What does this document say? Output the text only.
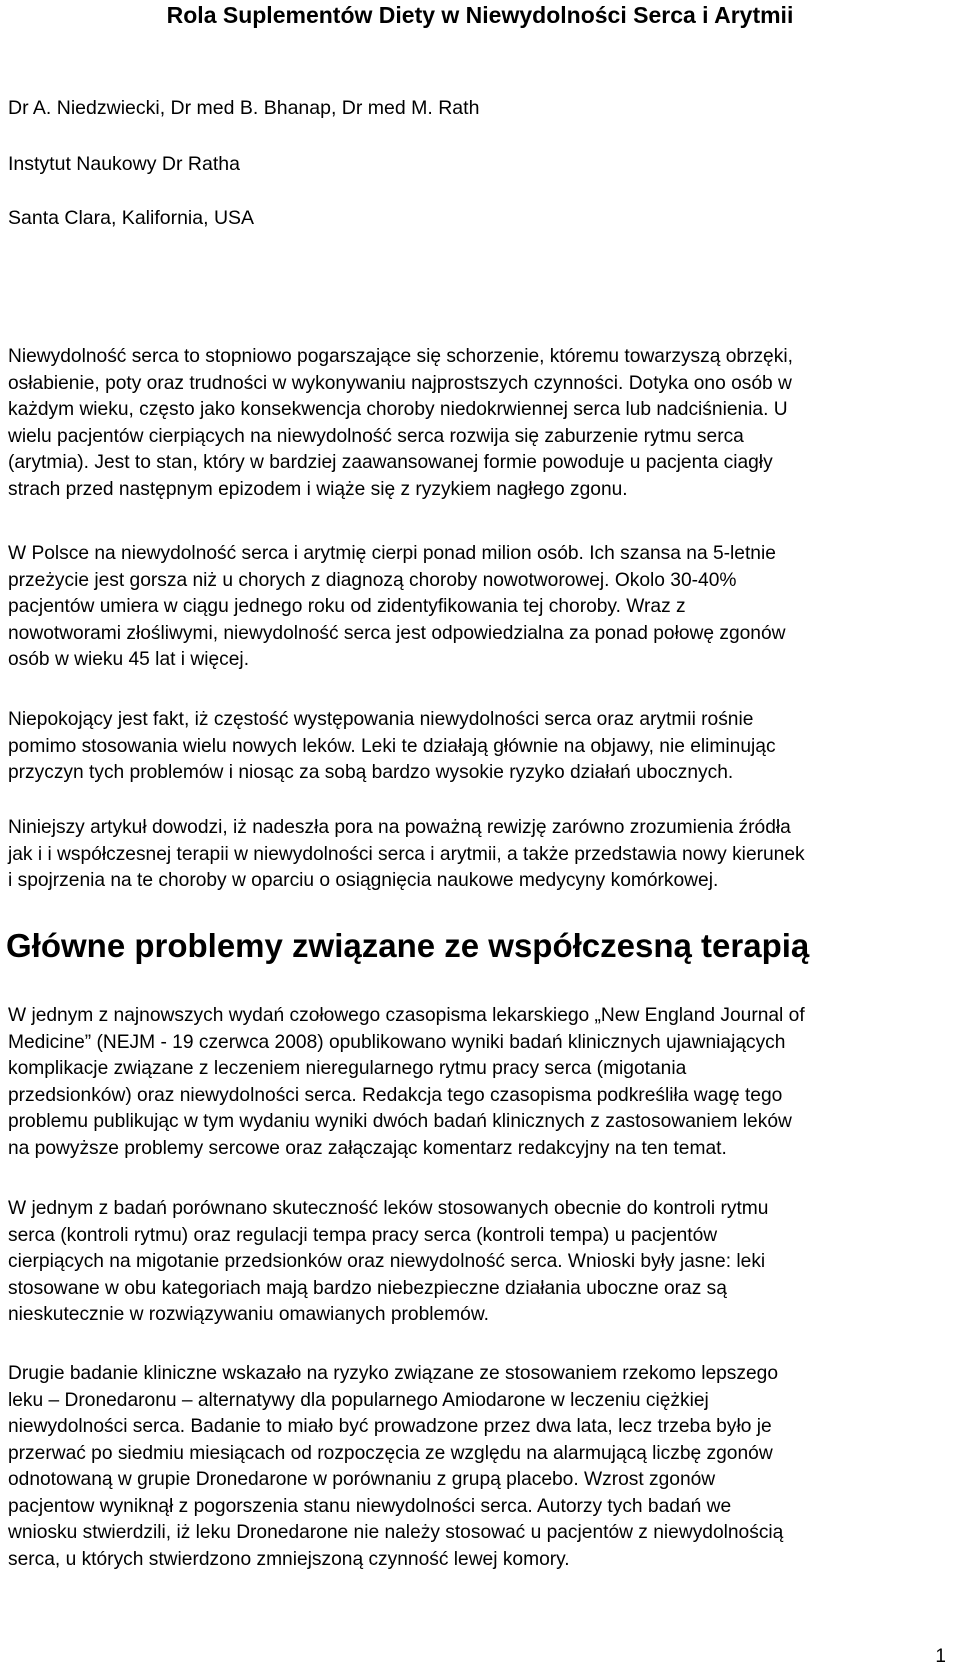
Rola Suplementów Diety w Niewydolności Serca i Arytmii

Dr A. Niedzwiecki, Dr med B. Bhanap, Dr med M. Rath

Instytut Naukowy Dr Ratha

Santa Clara, Kalifornia, USA

Niewydolność serca to stopniowo pogarszające się schorzenie, któremu towarzyszą obrzęki,
osłabienie, poty oraz trudności w wykonywaniu najprostszych czynności. Dotyka ono osób w
każdym wieku, często jako konsekwencja choroby niedokrwiennej serca lub nadciśnienia. U
wielu pacjentów cierpiących na niewydolność serca rozwija się zaburzenie rytmu serca
(arytmia). Jest to stan, który w bardziej zaawansowanej formie powoduje u pacjenta ciagły
strach przed następnym epizodem i wiąże się z ryzykiem nagłego zgonu.

W Polsce na niewydolność serca i arytmię cierpi ponad milion osób. Ich szansa na 5-letnie
przeżycie jest gorsza niż u chorych z diagnozą choroby nowotworowej. Okolo 30-40%
pacjentów umiera w ciągu jednego roku od zidentyfikowania tej choroby. Wraz z
nowotworami złośliwymi, niewydolność serca jest odpowiedzialna za ponad połowę zgonów
osób w wieku 45 lat i więcej.

Niepokojący jest fakt, iż częstość występowania niewydolności serca oraz arytmii rośnie
pomimo stosowania wielu nowych leków. Leki te działają głównie na objawy, nie eliminując
przyczyn tych problemów i niosąc za sobą bardzo wysokie ryzyko działań ubocznych.

Niniejszy artykuł dowodzi, iż nadeszła pora na poważną rewizję zarówno zrozumienia źródła
jak i i współczesnej terapii w niewydolności serca i arytmii, a także przedstawia nowy kierunek
i spojrzenia na te choroby w oparciu o osiągnięcia naukowe medycyny komórkowej.

Główne problemy związane ze współczesną terapią

W jednym z najnowszych wydań czołowego czasopisma lekarskiego „New England Journal of
Medicine” (NEJM - 19 czerwca 2008) opublikowano wyniki badań klinicznych ujawniających
komplikacje związane z leczeniem nieregularnego rytmu pracy serca (migotania
przedsionków) oraz niewydolności serca. Redakcja tego czasopisma podkreśliła wagę tego
problemu publikując w tym wydaniu wyniki dwóch badań klinicznych z zastosowaniem leków
na powyższe problemy sercowe oraz załączając komentarz redakcyjny na ten temat.

W jednym z badań porównano skuteczność leków stosowanych obecnie do kontroli rytmu
serca (kontroli rytmu) oraz regulacji tempa pracy serca (kontroli tempa) u pacjentów
cierpiących na migotanie przedsionków oraz niewydolność serca. Wnioski były jasne: leki
stosowane w obu kategoriach mają bardzo niebezpieczne działania uboczne oraz są
nieskutecznie w rozwiązywaniu omawianych problemów.

Drugie badanie kliniczne wskazało na ryzyko związane ze stosowaniem rzekomo lepszego
leku – Dronedaronu – alternatywy dla popularnego Amiodarone w leczeniu ciężkiej
niewydolności serca. Badanie to miało być prowadzone przez dwa lata, lecz trzeba było je
przerwać po siedmiu miesiącach od rozpoczęcia ze względu na alarmującą liczbę zgonów
odnotowaną w grupie Dronedarone w porównaniu z grupą placebo. Wzrost zgonów
pacjentow wyniknął z pogorszenia stanu niewydolności serca. Autorzy tych badań we
wniosku stwierdzili, iż leku Dronedarone nie należy stosować u pacjentów z niewydolnością
serca, u których stwierdzono zmniejszoną czynność lewej komory.

1
